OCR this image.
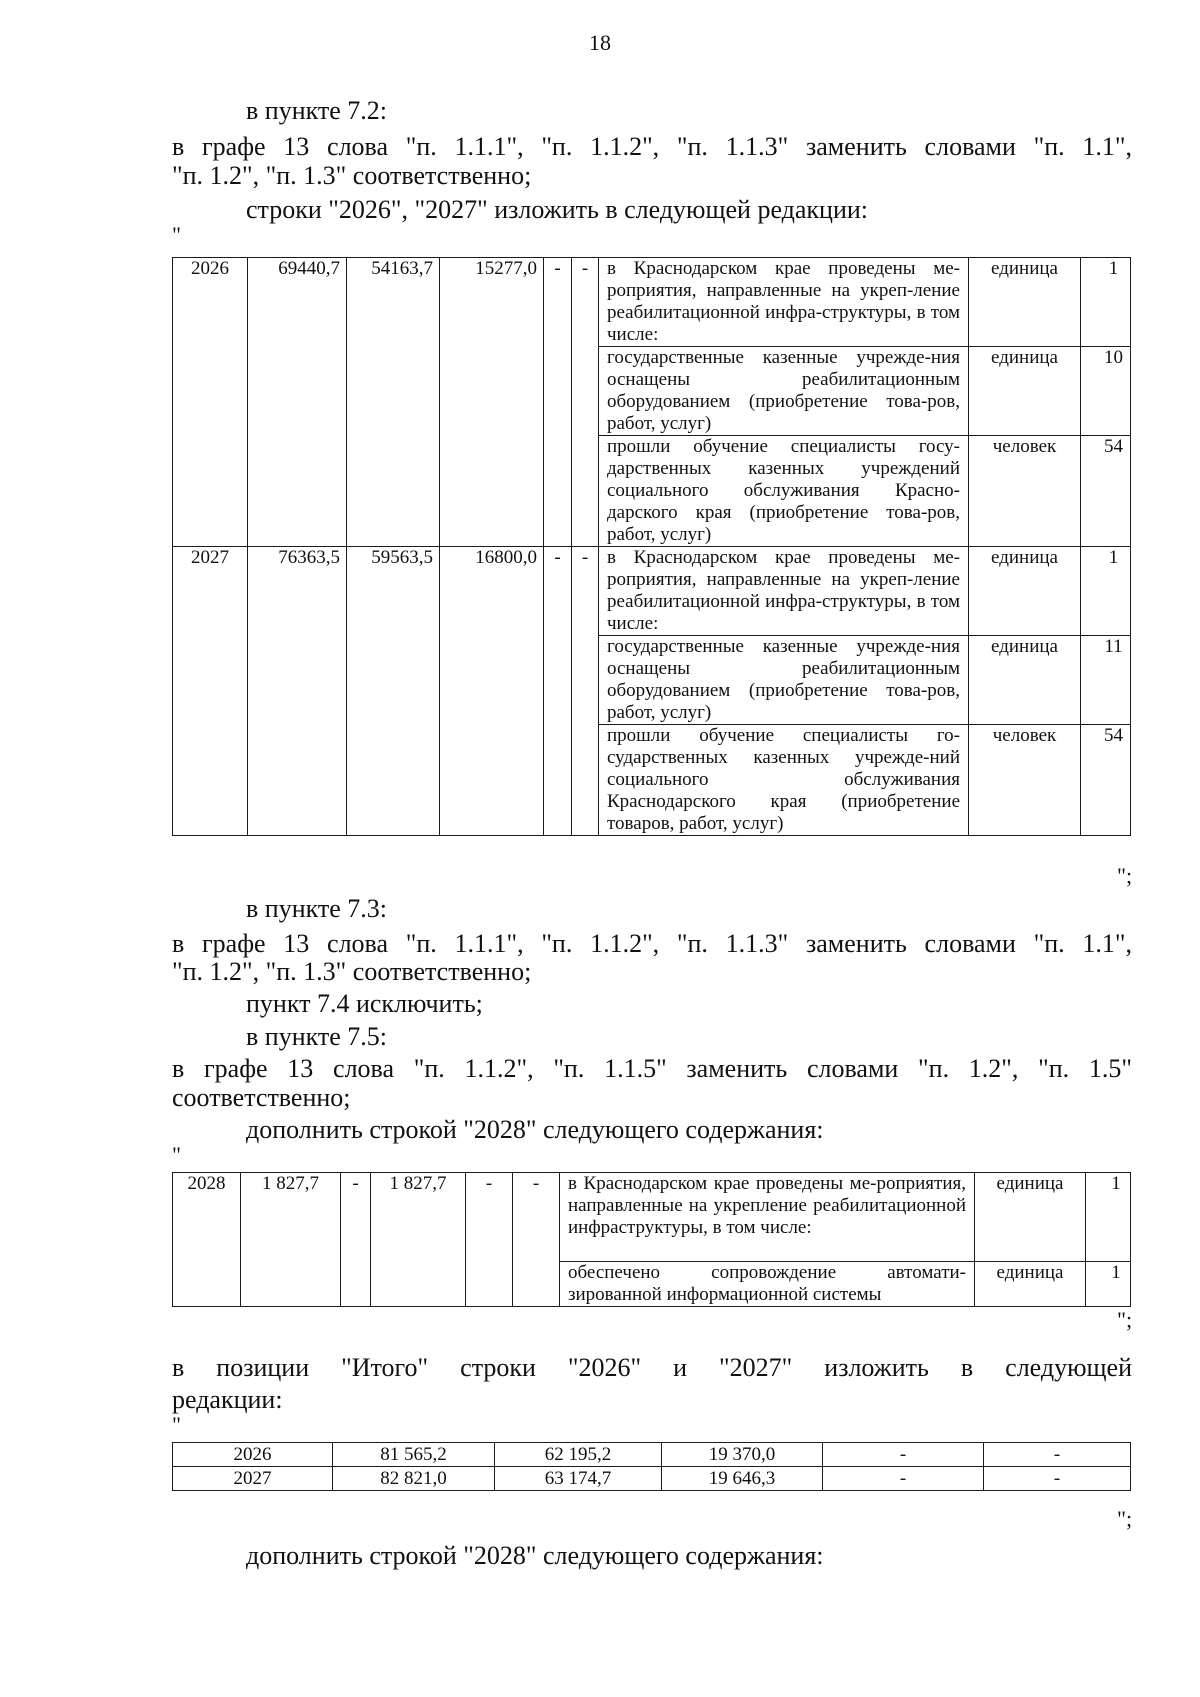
18
в пункте 7.2:
в графе 13 слова "п. 1.1.1", "п. 1.1.2", "п. 1.1.3" заменить словами "п. 1.1",
"п. 1.2", "п. 1.3" соответственно;
строки "2026", "2027" изложить в следующей редакции:
"
2026	69440,7	54163,7	15277,0	-	-	в Краснодарском крае проведены ме-роприятия, направленные на укреп-ление реабилитационной инфра-структуры, в том числе:	единица	1
						государственные казенные учрежде-ния оснащены реабилитационным оборудованием (приобретение това-ров, работ, услуг)	единица	10
						прошли обучение специалисты госу-дарственных казенных учреждений социального обслуживания Красно-дарского края (приобретение това-ров, работ, услуг)	человек	54
2027	76363,5	59563,5	16800,0	-	-	в Краснодарском крае проведены ме-роприятия, направленные на укреп-ление реабилитационной инфра-структуры, в том числе:	единица	1
						государственные казенные учрежде-ния оснащены реабилитационным оборудованием (приобретение това-ров, работ, услуг)	единица	11
						прошли обучение специалисты го-сударственных казенных учрежде-ний социального обслуживания Краснодарского края (приобретение товаров, работ, услуг)	человек	54
";
в пункте 7.3:
в графе 13 слова "п. 1.1.1", "п. 1.1.2", "п. 1.1.3" заменить словами "п. 1.1",
"п. 1.2", "п. 1.3" соответственно;
пункт 7.4 исключить;
в пункте 7.5:
в графе 13 слова "п. 1.1.2", "п. 1.1.5" заменить словами "п. 1.2", "п. 1.5"
соответственно;
дополнить строкой "2028" следующего содержания:
"
2028	1 827,7	-	1 827,7	-	-	в Краснодарском крае проведены ме-роприятия, направленные на укрепление реабилитационной инфраструктуры, в том числе:	единица	1
						обеспечено сопровождение автомати-зированной информационной системы	единица	1
";
в позиции "Итого" строки "2026" и "2027" изложить в следующей
редакции:
"
2026	81 565,2	62 195,2	19 370,0	-	-
2027	82 821,0	63 174,7	19 646,3	-	-
";
дополнить строкой "2028" следующего содержания:
